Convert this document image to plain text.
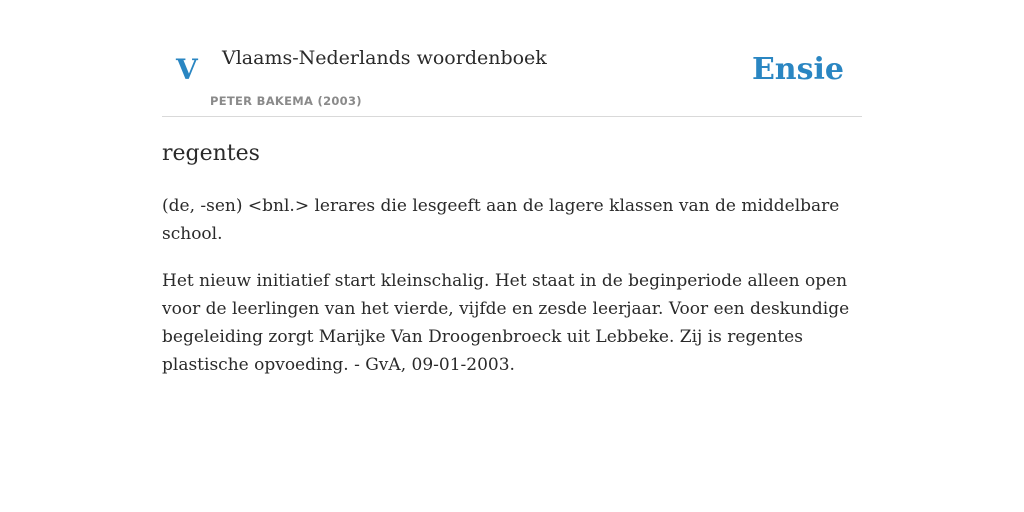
V Vlaams-Nederlands woordenboek
PETER BAKEMA (2003)
Ensie
regentes

(de, -sen) <bnl.> lerares die lesgeeft aan de lagere klassen van de middelbare school.

Het nieuw initiatief start kleinschalig. Het staat in de beginperiode alleen open voor de leerlingen van het vierde, vijfde en zesde leerjaar. Voor een deskundige begeleiding zorgt Marijke Van Droogenbroeck uit Lebbeke. Zij is regentes plastische opvoeding. - GvA, 09-01-2003.
